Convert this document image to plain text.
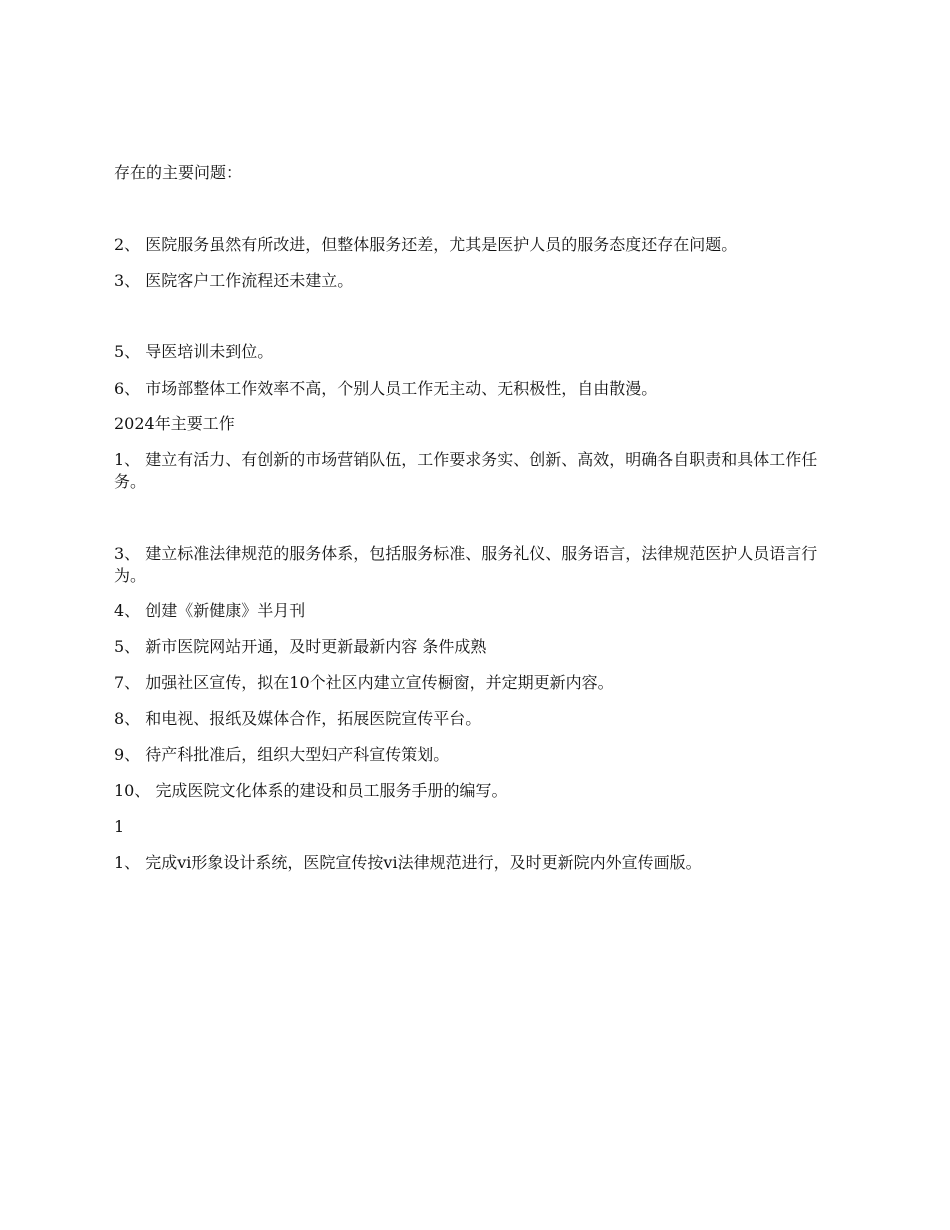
存在的主要问题：
2、 医院服务虽然有所改进，但整体服务还差，尤其是医护人员的服务态度还存在问题。
3、 医院客户工作流程还未建立。
5、 导医培训未到位。
6、 市场部整体工作效率不高，个别人员工作无主动、无积极性，自由散漫。
2024年主要工作
1、 建立有活力、有创新的市场营销队伍，工作要求务实、创新、高效，明确各自职责和具体工作任务。
3、 建立标准法律规范的服务体系，包括服务标准、服务礼仪、服务语言，法律规范医护人员语言行为。
4、 创建《新健康》半月刊
5、 新市医院网站开通，及时更新最新内容 条件成熟
7、 加强社区宣传，拟在10个社区内建立宣传橱窗，并定期更新内容。
8、 和电视、报纸及媒体合作，拓展医院宣传平台。
9、 待产科批准后，组织大型妇产科宣传策划。
10、 完成医院文化体系的建设和员工服务手册的编写。
1
1、 完成vi形象设计系统，医院宣传按vi法律规范进行，及时更新院内外宣传画版。
